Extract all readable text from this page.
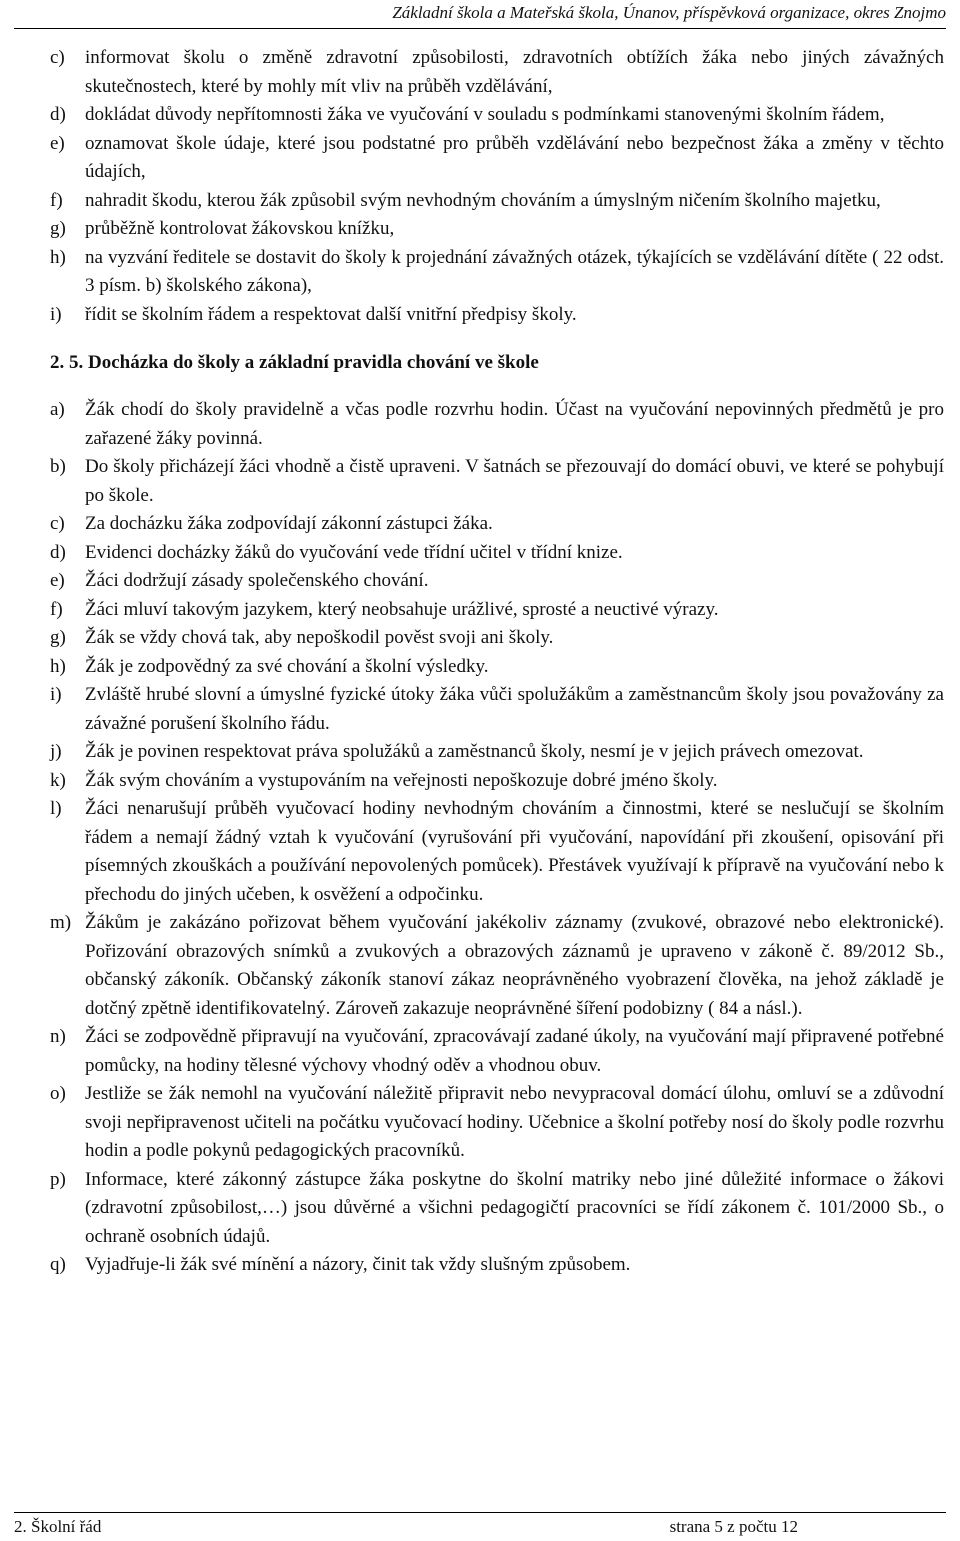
Základní škola a Mateřská škola, Únanov, příspěvková organizace, okres Znojmo
c) informovat školu o změně zdravotní způsobilosti, zdravotních obtížích žáka nebo jiných závažných skutečnostech, které by mohly mít vliv na průběh vzdělávání,
d) dokládat důvody nepřítomnosti žáka ve vyučování v souladu s podmínkami stanovenými školním řádem,
e) oznamovat škole údaje, které jsou podstatné pro průběh vzdělávání nebo bezpečnost žáka a změny v těchto údajích,
f) nahradit škodu, kterou žák způsobil svým nevhodným chováním a úmyslným ničením školního majetku,
g) průběžně kontrolovat žákovskou knížku,
h) na vyzvání ředitele se dostavit do školy k projednání závažných otázek, týkajících se vzdělávání dítěte ( 22 odst. 3 písm. b) školského zákona),
i) řídit se školním řádem a respektovat další vnitřní předpisy školy.
2. 5. Docházka do školy a základní pravidla chování ve škole
a) Žák chodí do školy pravidelně a včas podle rozvrhu hodin. Účast na vyučování nepovinných předmětů je pro zařazené žáky povinná.
b) Do školy přicházejí žáci vhodně a čistě upraveni. V šatnách se přezouvají do domácí obuvi, ve které se pohybují po škole.
c) Za docházku žáka zodpovídají zákonní zástupci žáka.
d) Evidenci docházky žáků do vyučování vede třídní učitel v třídní knize.
e) Žáci dodržují zásady společenského chování.
f) Žáci mluví takovým jazykem, který neobsahuje urážlivé, sprosté a neuctivé výrazy.
g) Žák se vždy chová tak, aby nepoškodil pověst svoji ani školy.
h) Žák je zodpovědný za své chování a školní výsledky.
i) Zvláště hrubé slovní a úmyslné fyzické útoky žáka vůči spolužákům a zaměstnancům školy jsou považovány za závažné porušení školního řádu.
j) Žák je povinen respektovat práva spolužáků a zaměstnanců školy, nesmí je v jejich právech omezovat.
k) Žák svým chováním a vystupováním na veřejnosti nepoškozuje dobré jméno školy.
l) Žáci nenarušují průběh vyučovací hodiny nevhodným chováním a činnostmi, které se neslučují se školním řádem a nemají žádný vztah k vyučování (vyrušování při vyučování, napovídání při zkoušení, opisování při písemných zkouškách a používání nepovolených pomůcek). Přestávek využívají k přípravě na vyučování nebo k přechodu do jiných učeben, k osvěžení a odpočinku.
m) Žákům je zakázáno pořizovat během vyučování jakékoliv záznamy (zvukové, obrazové nebo elektronické). Pořizování obrazových snímků a zvukových a obrazových záznamů je upraveno v zákoně č. 89/2012 Sb., občanský zákoník. Občanský zákoník stanoví zákaz neoprávněného vyobrazení člověka, na jehož základě je dotčný zpětně identifikovatelný. Zároveň zakazuje neoprávněné šíření podobizny ( 84 a násl.).
n) Žáci se zodpovědně připravují na vyučování, zpracovávají zadané úkoly, na vyučování mají připravené potřebné pomůcky, na hodiny tělesné výchovy vhodný oděv a vhodnou obuv.
o) Jestliže se žák nemohl na vyučování náležitě připravit nebo nevypracoval domácí úlohu, omluví se a zdůvodní svoji nepřipravenost učiteli na počátku vyučovací hodiny. Učebnice a školní potřeby nosí do školy podle rozvrhu hodin a podle pokynů pedagogických pracovníků.
p) Informace, které zákonný zástupce žáka poskytne do školní matriky nebo jiné důležité informace o žákovi (zdravotní způsobilost,…) jsou důvěrné a všichni pedagogičtí pracovníci se řídí zákonem č. 101/2000 Sb., o ochraně osobních údajů.
q) Vyjadřuje-li žák své mínění a názory, činit tak vždy slušným způsobem.
2. Školní řád	strana 5 z počtu 12
